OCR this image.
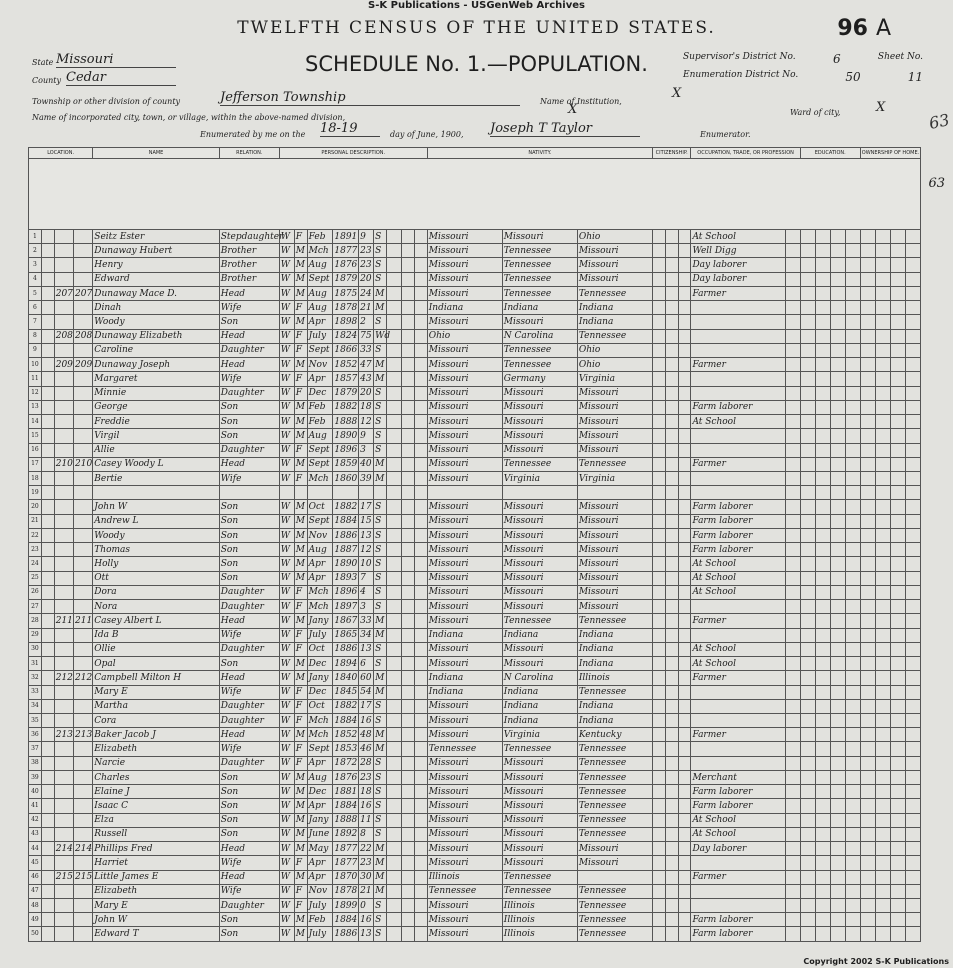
S-K Publications - USGenWeb Archives
TWELFTH CENSUS OF THE UNITED STATES.	96 A
SCHEDULE No. 1.—POPULATION.
State Missouri
County Cedar
Township or other division of county	Jefferson Township	Name of Institution,
X
Name of incorporated city, town, or village, within the above-named division,
X	Ward of city,	X
Enumerated by me on the 18-19	day of June, 1900, Joseph T Taylor	Enumerator.
Supervisor's District No.	6	Sheet No.
Enumeration District No.	50	11
63
63
LOCATION.				NAME	RELATION.	PERSONAL DESCRIPTION.									NATIVITY.			CITIZENSHIP.			OCCUPATION, TRADE, OR PROFESSION		EDUCATION.				OWNERSHIP OF HOME.			

1				Seitz Ester	Stepdaughter	W	F	Feb	1891	9	S				Missouri	Missouri	Ohio				At School									
2				Dunaway Hubert	Brother	W	M	Mch	1877	23	S				Missouri	Tennessee	Missouri				Well Digg									
3				Henry	Brother	W	M	Aug	1876	23	S				Missouri	Tennessee	Missouri				Day laborer									
4				Edward	Brother	W	M	Sept	1879	20	S				Missouri	Tennessee	Missouri				Day laborer									
5		207	207	Dunaway Mace D.	Head	W	M	Aug	1875	24	M				Missouri	Tennessee	Tennessee				Farmer									
6				Dinah	Wife	W	F	Aug	1878	21	M				Indiana	Indiana	Indiana													
7				Woody	Son	W	M	Apr	1898	2	S				Missouri	Missouri	Indiana													
8		208	208	Dunaway Elizabeth	Head	W	F	July	1824	75	Wd				Ohio	N Carolina	Tennessee													
9				Caroline	Daughter	W	F	Sept	1866	33	S				Missouri	Tennessee	Ohio													
10		209	209	Dunaway Joseph	Head	W	M	Nov	1852	47	M				Missouri	Tennessee	Ohio				Farmer									
11				Margaret	Wife	W	F	Apr	1857	43	M				Missouri	Germany	Virginia													
12				Minnie	Daughter	W	F	Dec	1879	20	S				Missouri	Missouri	Missouri													
13				George	Son	W	M	Feb	1882	18	S				Missouri	Missouri	Missouri				Farm laborer									
14				Freddie	Son	W	M	Feb	1888	12	S				Missouri	Missouri	Missouri				At School									
15				Virgil	Son	W	M	Aug	1890	9	S				Missouri	Missouri	Missouri													
16				Allie	Daughter	W	F	Sept	1896	3	S				Missouri	Missouri	Missouri													
17		210	210	Casey Woody L	Head	W	M	Sept	1859	40	M				Missouri	Tennessee	Tennessee				Farmer									
18				Bertie	Wife	W	F	Mch	1860	39	M				Missouri	Virginia	Virginia													
19																														
20				John W	Son	W	M	Oct	1882	17	S				Missouri	Missouri	Missouri				Farm laborer									
21				Andrew L	Son	W	M	Sept	1884	15	S				Missouri	Missouri	Missouri				Farm laborer									
22				Woody	Son	W	M	Nov	1886	13	S				Missouri	Missouri	Missouri				Farm laborer									
23				Thomas	Son	W	M	Aug	1887	12	S				Missouri	Missouri	Missouri				Farm laborer									
24				Holly	Son	W	M	Apr	1890	10	S				Missouri	Missouri	Missouri				At School									
25				Ott	Son	W	M	Apr	1893	7	S				Missouri	Missouri	Missouri				At School									
26				Dora	Daughter	W	F	Mch	1896	4	S				Missouri	Missouri	Missouri				At School									
27				Nora	Daughter	W	F	Mch	1897	3	S				Missouri	Missouri	Missouri													
28		211	211	Casey Albert L	Head	W	M	Jany	1867	33	M				Missouri	Tennessee	Tennessee				Farmer									
29				Ida B	Wife	W	F	July	1865	34	M				Indiana	Indiana	Indiana													
30				Ollie	Daughter	W	F	Oct	1886	13	S				Missouri	Missouri	Indiana				At School									
31				Opal	Son	W	M	Dec	1894	6	S				Missouri	Missouri	Indiana				At School									
32		212	212	Campbell Milton H	Head	W	M	Jany	1840	60	M				Indiana	N Carolina	Illinois				Farmer									
33				Mary E	Wife	W	F	Dec	1845	54	M				Indiana	Indiana	Tennessee													
34				Martha	Daughter	W	F	Oct	1882	17	S				Missouri	Indiana	Indiana													
35				Cora	Daughter	W	F	Mch	1884	16	S				Missouri	Indiana	Indiana													
36		213	213	Baker Jacob J	Head	W	M	Mch	1852	48	M				Missouri	Virginia	Kentucky				Farmer									
37				Elizabeth	Wife	W	F	Sept	1853	46	M				Tennessee	Tennessee	Tennessee													
38				Narcie	Daughter	W	F	Apr	1872	28	S				Missouri	Missouri	Tennessee													
39				Charles	Son	W	M	Aug	1876	23	S				Missouri	Missouri	Tennessee				Merchant									
40				Elaine J	Son	W	M	Dec	1881	18	S				Missouri	Missouri	Tennessee				Farm laborer									
41				Isaac C	Son	W	M	Apr	1884	16	S				Missouri	Missouri	Tennessee				Farm laborer									
42				Elza	Son	W	M	Jany	1888	11	S				Missouri	Missouri	Tennessee				At School									
43				Russell	Son	W	M	June	1892	8	S				Missouri	Missouri	Tennessee				At School									
44		214	214	Phillips Fred	Head	W	M	May	1877	22	M				Missouri	Missouri	Missouri				Day laborer									
45				Harriet	Wife	W	F	Apr	1877	23	M				Missouri	Missouri	Missouri													
46		215	215	Little James E	Head	W	M	Apr	1870	30	M				Illinois	Tennessee					Farmer									
47				Elizabeth	Wife	W	F	Nov	1878	21	M				Tennessee	Tennessee	Tennessee													
48				Mary E	Daughter	W	F	July	1899	0	S				Missouri	Illinois	Tennessee													
49				John W	Son	W	M	Feb	1884	16	S				Missouri	Illinois	Tennessee				Farm laborer									
50				Edward T	Son	W	M	July	1886	13	S				Missouri	Illinois	Tennessee				Farm laborer									
Copyright 2002 S-K Publications
